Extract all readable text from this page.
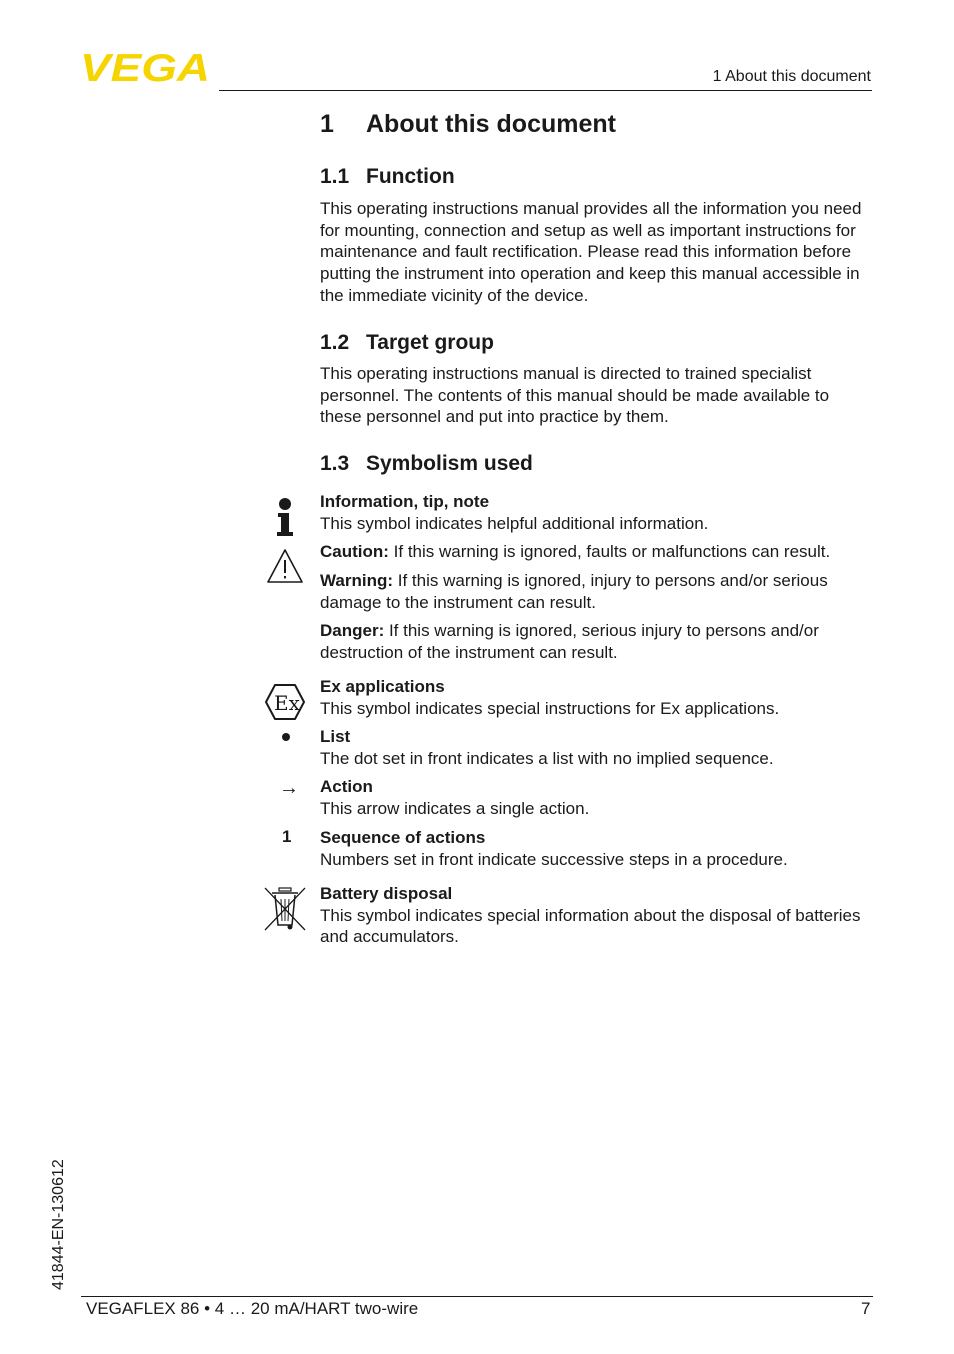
VEGA	1 About this document
1 About this document
1.1 Function

This operating instructions manual provides all the information you need for mounting, connection and setup as well as important instructions for maintenance and fault rectification. Please read this information before putting the instrument into operation and keep this manual accessible in the immediate vicinity of the device.

1.2 Target group

This operating instructions manual is directed to trained specialist personnel. The contents of this manual should be made available to these personnel and put into practice by them.

1.3 Symbolism used

Information, tip, note
This symbol indicates helpful additional information.

Caution: If this warning is ignored, faults or malfunctions can result.

Warning: If this warning is ignored, injury to persons and/or serious damage to the instrument can result.

Danger: If this warning is ignored, serious injury to persons and/or destruction of the instrument can result.

Ex

Ex applications
This symbol indicates special instructions for Ex applications.

List
The dot set in front indicates a list with no implied sequence.

→ Action
This arrow indicates a single action.

1 Sequence of actions
Numbers set in front indicate successive steps in a procedure.

Battery disposal
This symbol indicates special information about the disposal of batteries and accumulators.

41844-EN-130612
VEGAFLEX 86 • 4 … 20 mA/HART two-wire	7
